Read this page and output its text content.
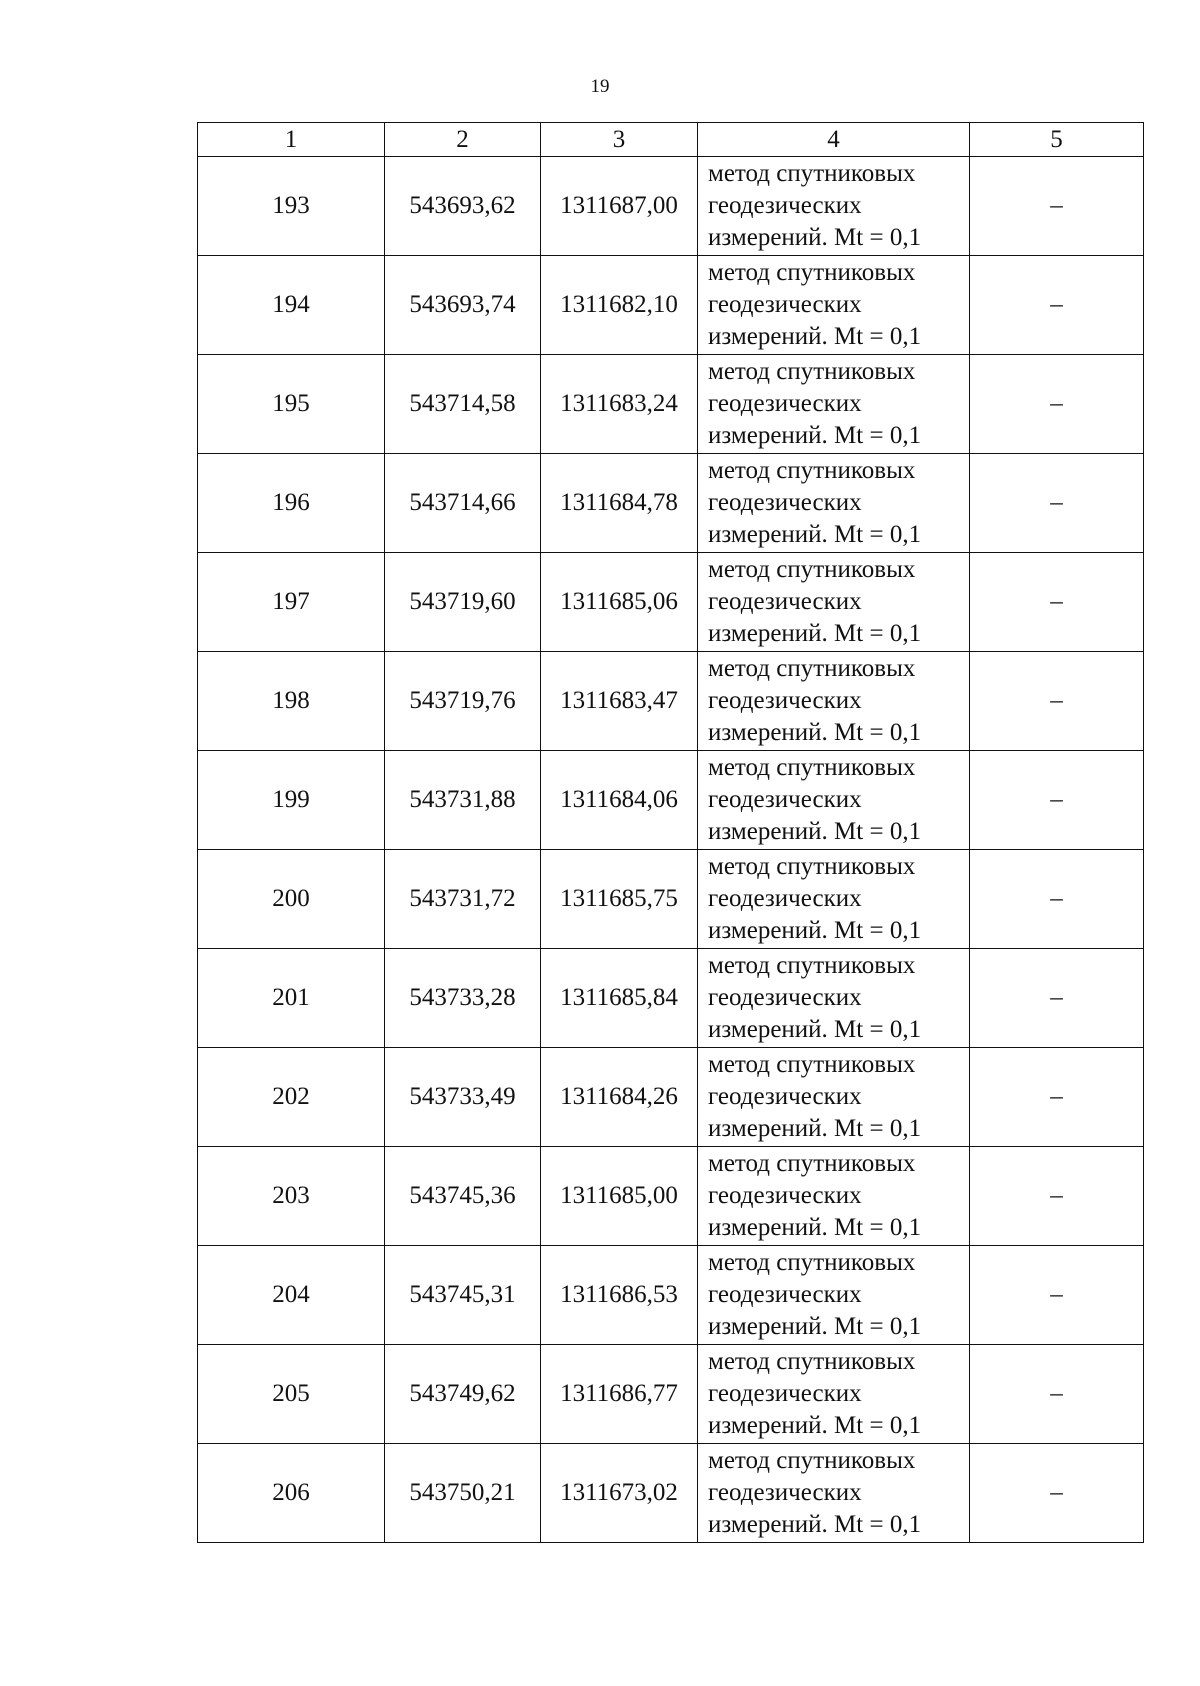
19
1	2	3	4	5
193	543693,62	1311687,00	метод спутниковых
геодезических
измерений. Mt = 0,1	–
194	543693,74	1311682,10	метод спутниковых
геодезических
измерений. Mt = 0,1	–
195	543714,58	1311683,24	метод спутниковых
геодезических
измерений. Mt = 0,1	–
196	543714,66	1311684,78	метод спутниковых
геодезических
измерений. Mt = 0,1	–
197	543719,60	1311685,06	метод спутниковых
геодезических
измерений. Mt = 0,1	–
198	543719,76	1311683,47	метод спутниковых
геодезических
измерений. Mt = 0,1	–
199	543731,88	1311684,06	метод спутниковых
геодезических
измерений. Mt = 0,1	–
200	543731,72	1311685,75	метод спутниковых
геодезических
измерений. Mt = 0,1	–
201	543733,28	1311685,84	метод спутниковых
геодезических
измерений. Mt = 0,1	–
202	543733,49	1311684,26	метод спутниковых
геодезических
измерений. Mt = 0,1	–
203	543745,36	1311685,00	метод спутниковых
геодезических
измерений. Mt = 0,1	–
204	543745,31	1311686,53	метод спутниковых
геодезических
измерений. Mt = 0,1	–
205	543749,62	1311686,77	метод спутниковых
геодезических
измерений. Mt = 0,1	–
206	543750,21	1311673,02	метод спутниковых
геодезических
измерений. Mt = 0,1	–
